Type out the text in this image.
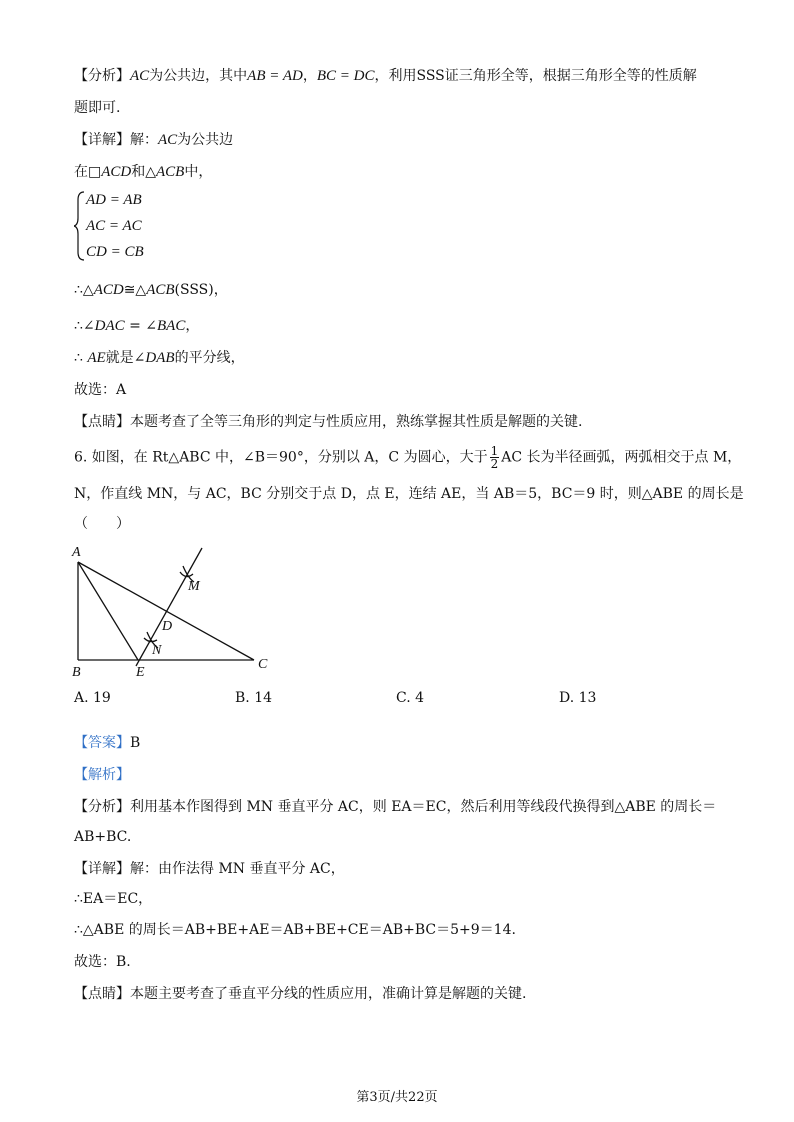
【分析】AC为公共边，其中AB = AD，BC = DC，利用SSS证三角形全等，根据三角形全等的性质解
题即可.
【详解】解：AC为公共边
在□ACD和△ACB中，
AD = AB
AC = AC
CD = CB
∴△ACD≅△ACB(SSS)，
∴∠DAC = ∠BAC，
∴ AE就是∠DAB的平分线，
故选：A
【点睛】本题考查了全等三角形的判定与性质应用，熟练掌握其性质是解题的关键.
6. 如图，在 Rt△ABC 中，∠B＝90°，分别以 A，C 为圆心，大于 $\frac{1}{2}$ AC 长为半径画弧，两弧相交于点 M，
N，作直线 MN，与 AC，BC 分别交于点 D，点 E，连结 AE，当 AB＝5，BC＝9 时，则△ABE 的周长是
（　　）
A
B
C
D
E
M
N
A. 19	B. 14	C. 4	D. 13
【答案】B
【解析】
【分析】利用基本作图得到 MN 垂直平分 AC，则 EA＝EC，然后利用等线段代换得到△ABE 的周长＝
AB+BC.
【详解】解：由作法得 MN 垂直平分 AC，
∴EA＝EC，
∴△ABE 的周长＝AB+BE+AE＝AB+BE+CE＝AB+BC＝5+9＝14.
故选：B.
【点睛】本题主要考查了垂直平分线的性质应用，准确计算是解题的关键.
第3页/共22页
